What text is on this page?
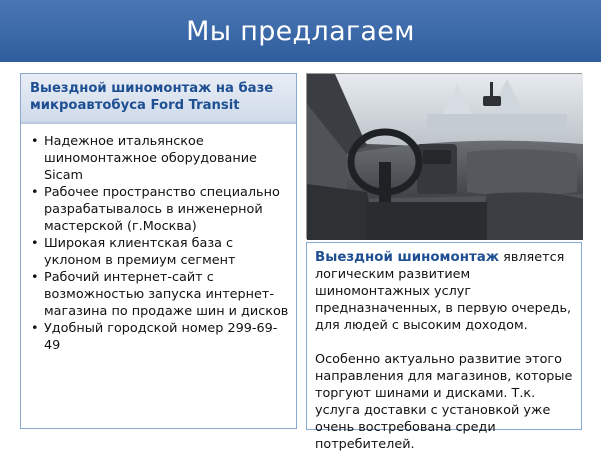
Мы предлагаем
Выездной шиномонтаж на базе микроавтобуса Ford Transit
• Надежное итальянское шиномонтажное оборудование Sicam
• Рабочее пространство специально разрабатывалось в инженерной мастерской (г.Москва)
• Широкая клиентская база с уклоном в премиум сегмент
• Рабочий интернет-сайт с возможностью запуска интернет-магазина по продаже шин и дисков
• Удобный городской номер 299-69-49

Выездной шиномонтаж является логическим развитием шиномонтажных услуг предназначенных, в первую очередь, для людей с высоким доходом.

Особенно актуально развитие этого направления для магазинов, которые торгуют шинами и дисками. Т.к. услуга доставки с установкой уже очень востребована среди потребителей.
